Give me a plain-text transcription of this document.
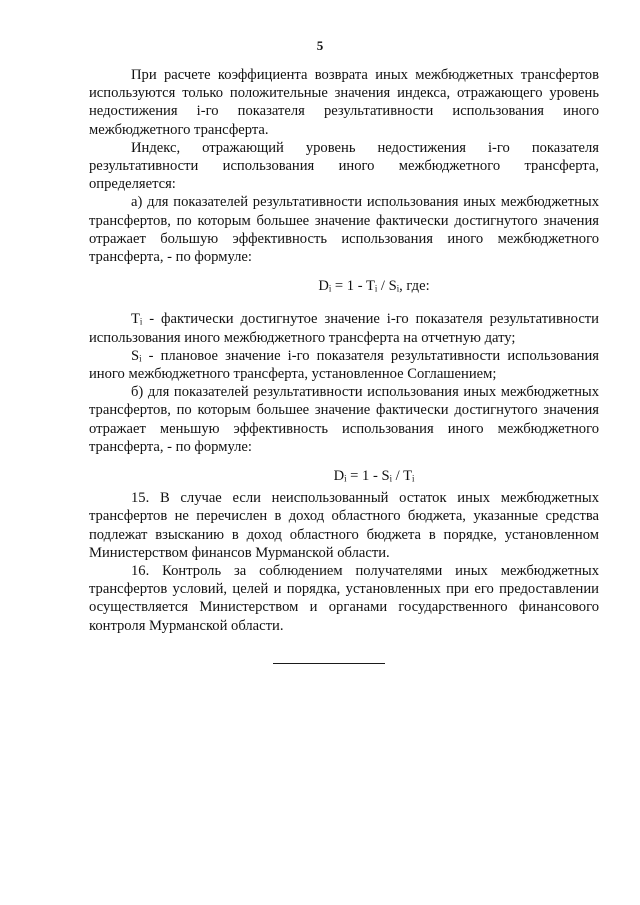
5

При расчете коэффициента возврата иных межбюджетных трансфертов используются только положительные значения индекса, отражающего уровень недостижения i-го показателя результативности использования иного межбюджетного трансферта.

Индекс, отражающий уровень недостижения i-го показателя результативности использования иного межбюджетного трансферта, определяется:

а) для показателей результативности использования иных межбюджетных трансфертов, по которым большее значение фактически достигнутого значения отражает большую эффективность использования иного межбюджетного трансферта, - по формуле:

Dᵢ = 1 - Tᵢ / Sᵢ, где:

Tᵢ - фактически достигнутое значение i-го показателя результативности использования иного межбюджетного трансферта на отчетную дату;

Sᵢ - плановое значение i-го показателя результативности использования иного межбюджетного трансферта, установленное Соглашением;

б) для показателей результативности использования иных межбюджетных трансфертов, по которым большее значение фактически достигнутого значения отражает меньшую эффективность использования иного межбюджетного трансферта, - по формуле:

Dᵢ = 1 - Sᵢ / Tᵢ

15. В случае если неиспользованный остаток иных межбюджетных трансфертов не перечислен в доход областного бюджета, указанные средства подлежат взысканию в доход областного бюджета в порядке, установленном Министерством финансов Мурманской области.

16. Контроль за соблюдением получателями иных межбюджетных трансфертов условий, целей и порядка, установленных при его предоставлении осуществляется Министерством и органами государственного финансового контроля Мурманской области.
